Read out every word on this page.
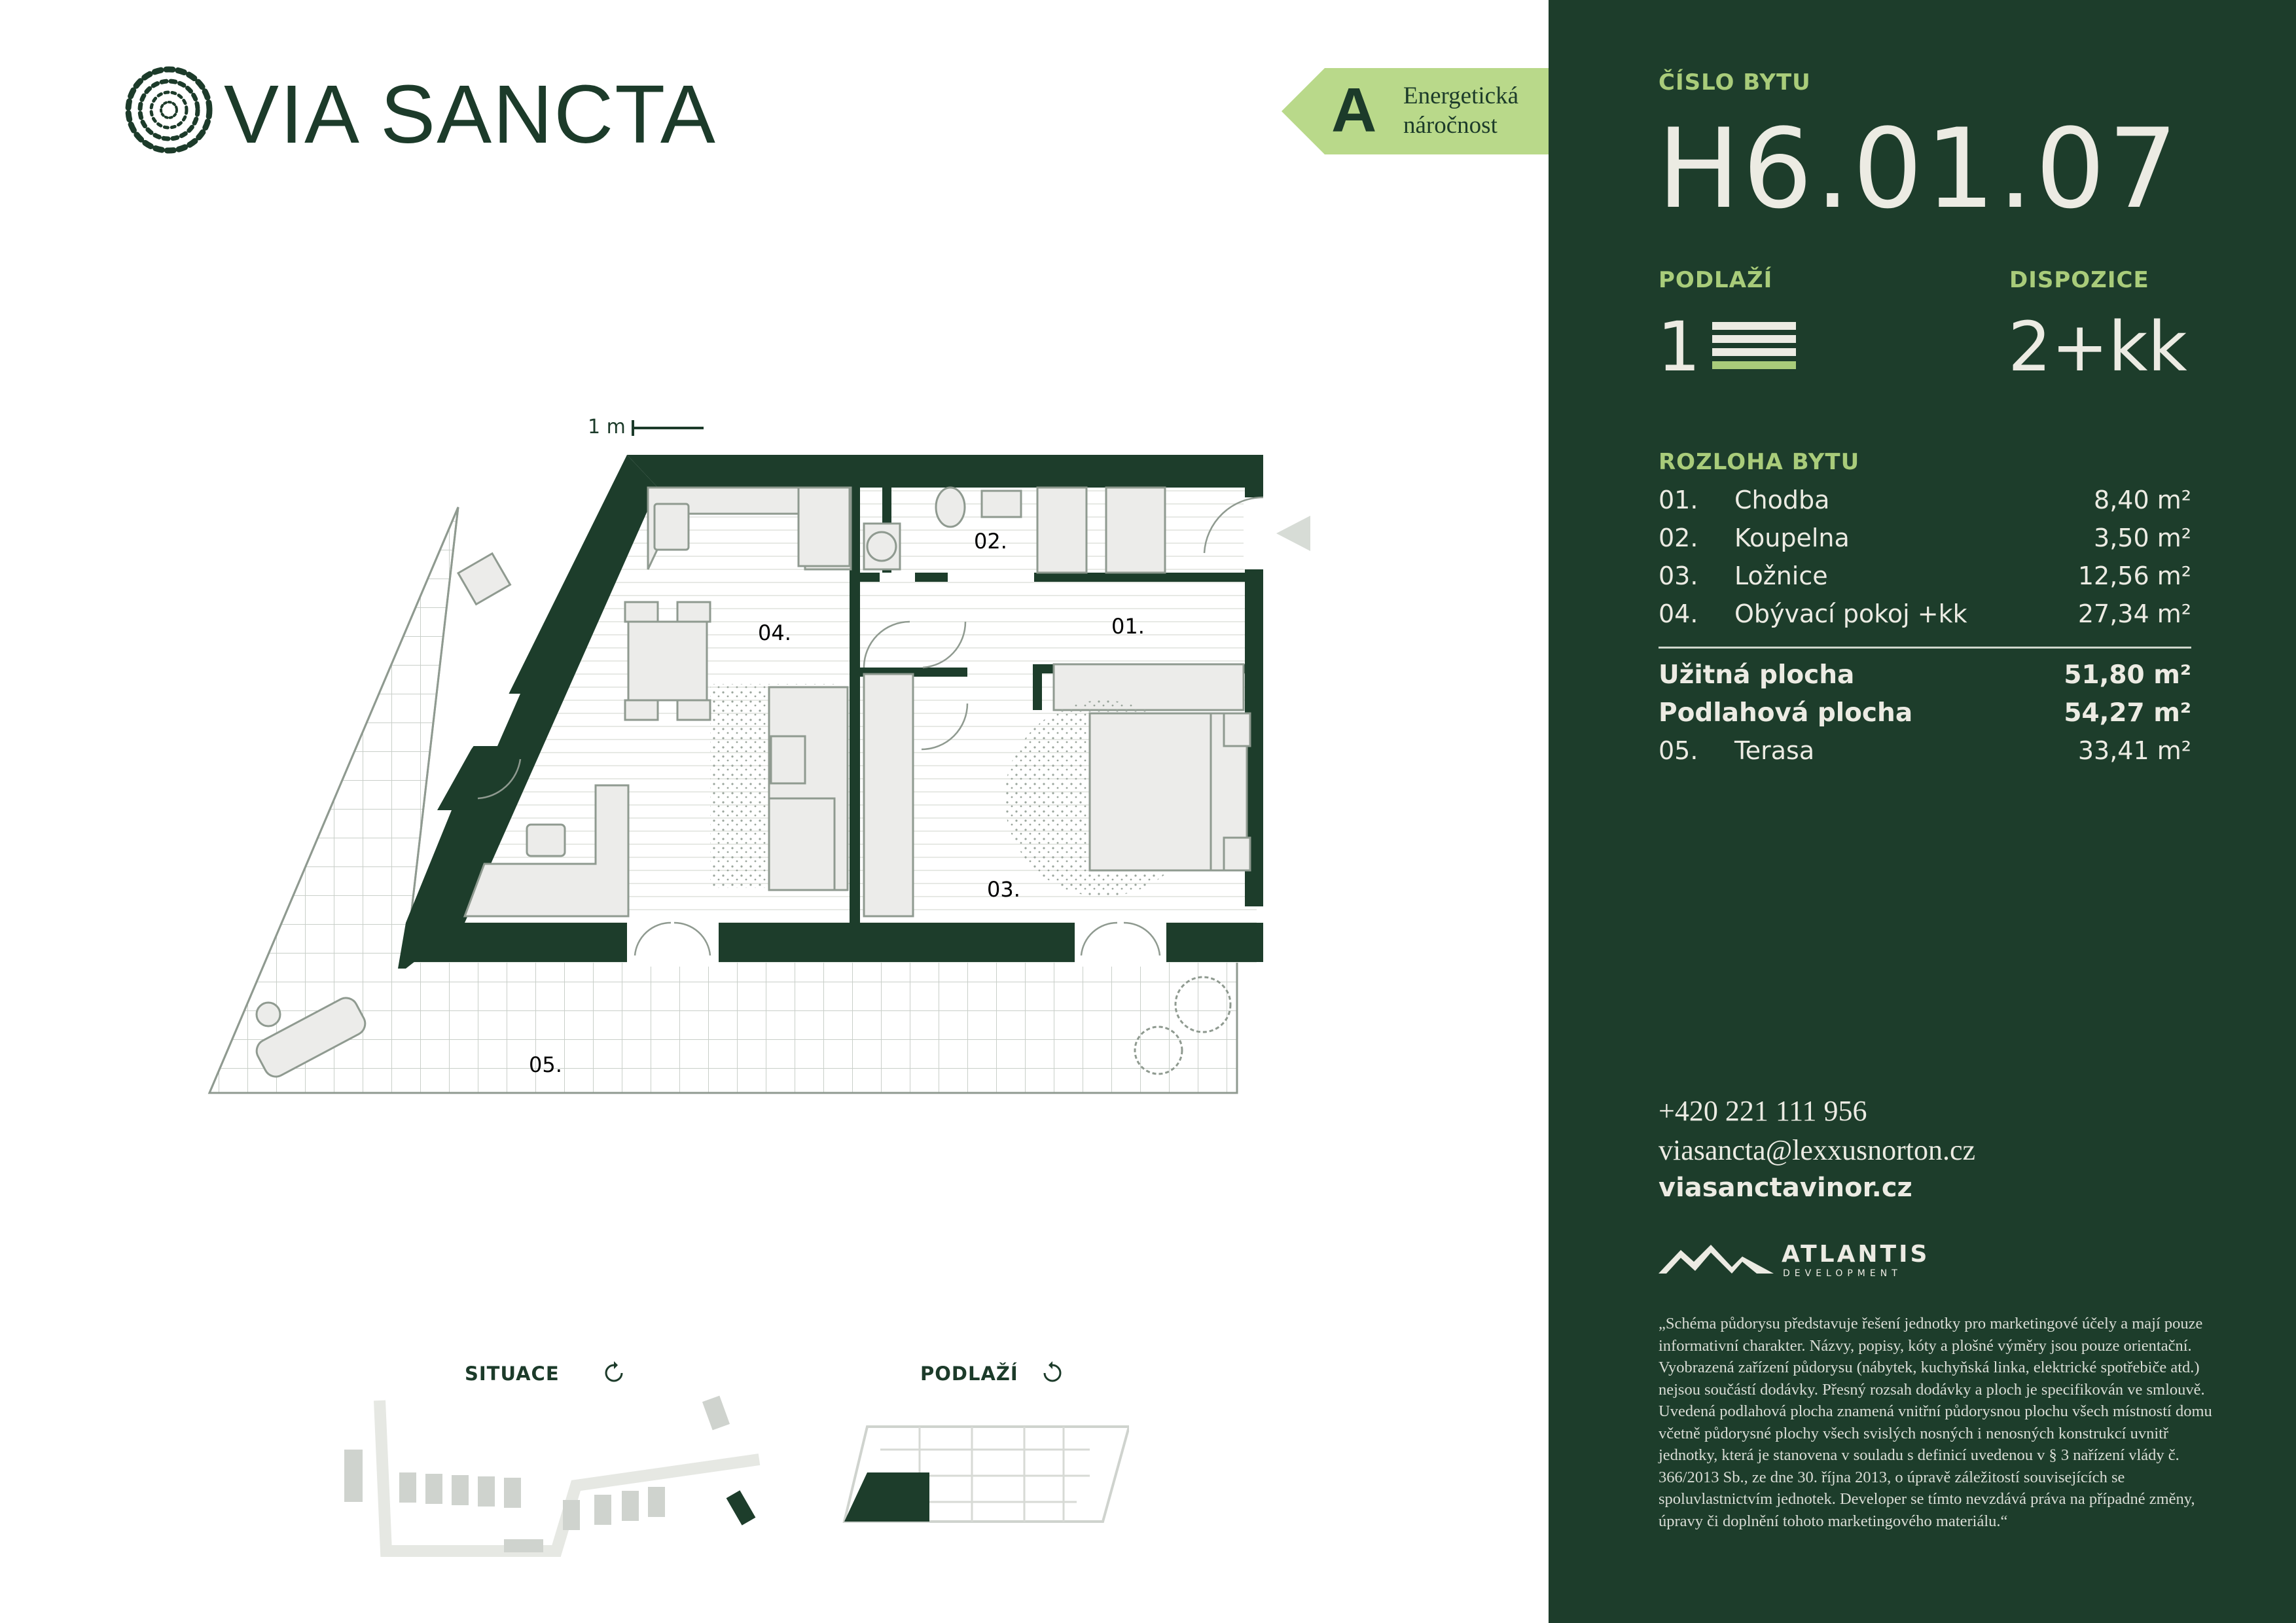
VIA SANCTA	A Energetická
náročnost
1 m
02.
01.
04.
03.
05.
SITUACE	PODLAŽÍ
ČÍSLO BYTU
H6.01.07
PODLAŽÍ
1
DISPOZICE
2+kk
ROZLOHA BYTU
01. Chodba	8,40 m²
02. Koupelna	3,50 m²
03. Ložnice	12,56 m²
04. Obývací pokoj +kk	27,34 m²
Užitná plocha	51,80 m²
Podlahová plocha	54,27 m²
05. Terasa	33,41 m²
+420 221 111 956
viasancta@lexxusnorton.cz
viasanctavinor.cz
ATLANTIS
DEVELOPMENT
„Schéma půdorysu představuje řešení jednotky pro marketingové účely a mají pouze informativní charakter. Názvy, popisy, kóty a plošné výměry jsou pouze orientační. Vyobrazená zařízení půdorysu (nábytek, kuchyňská linka, elektrické spotřebiče atd.) nejsou součástí dodávky. Přesný rozsah dodávky a ploch je specifikován ve smlouvě. Uvedená podlahová plocha znamená vnitřní půdorysnou plochu všech místností domu včetně půdorysné plochy všech svislých nosných i nenosných konstrukcí uvnitř jednotky, která je stanovena v souladu s definicí uvedenou v § 3 nařízení vlády č. 366/2013 Sb., ze dne 30. října 2013, o úpravě záležitostí souvisejících se spoluvlastnictvím jednotek. Developer se tímto nevzdává práva na případné změny, úpravy či doplnění tohoto marketingového materiálu.“
